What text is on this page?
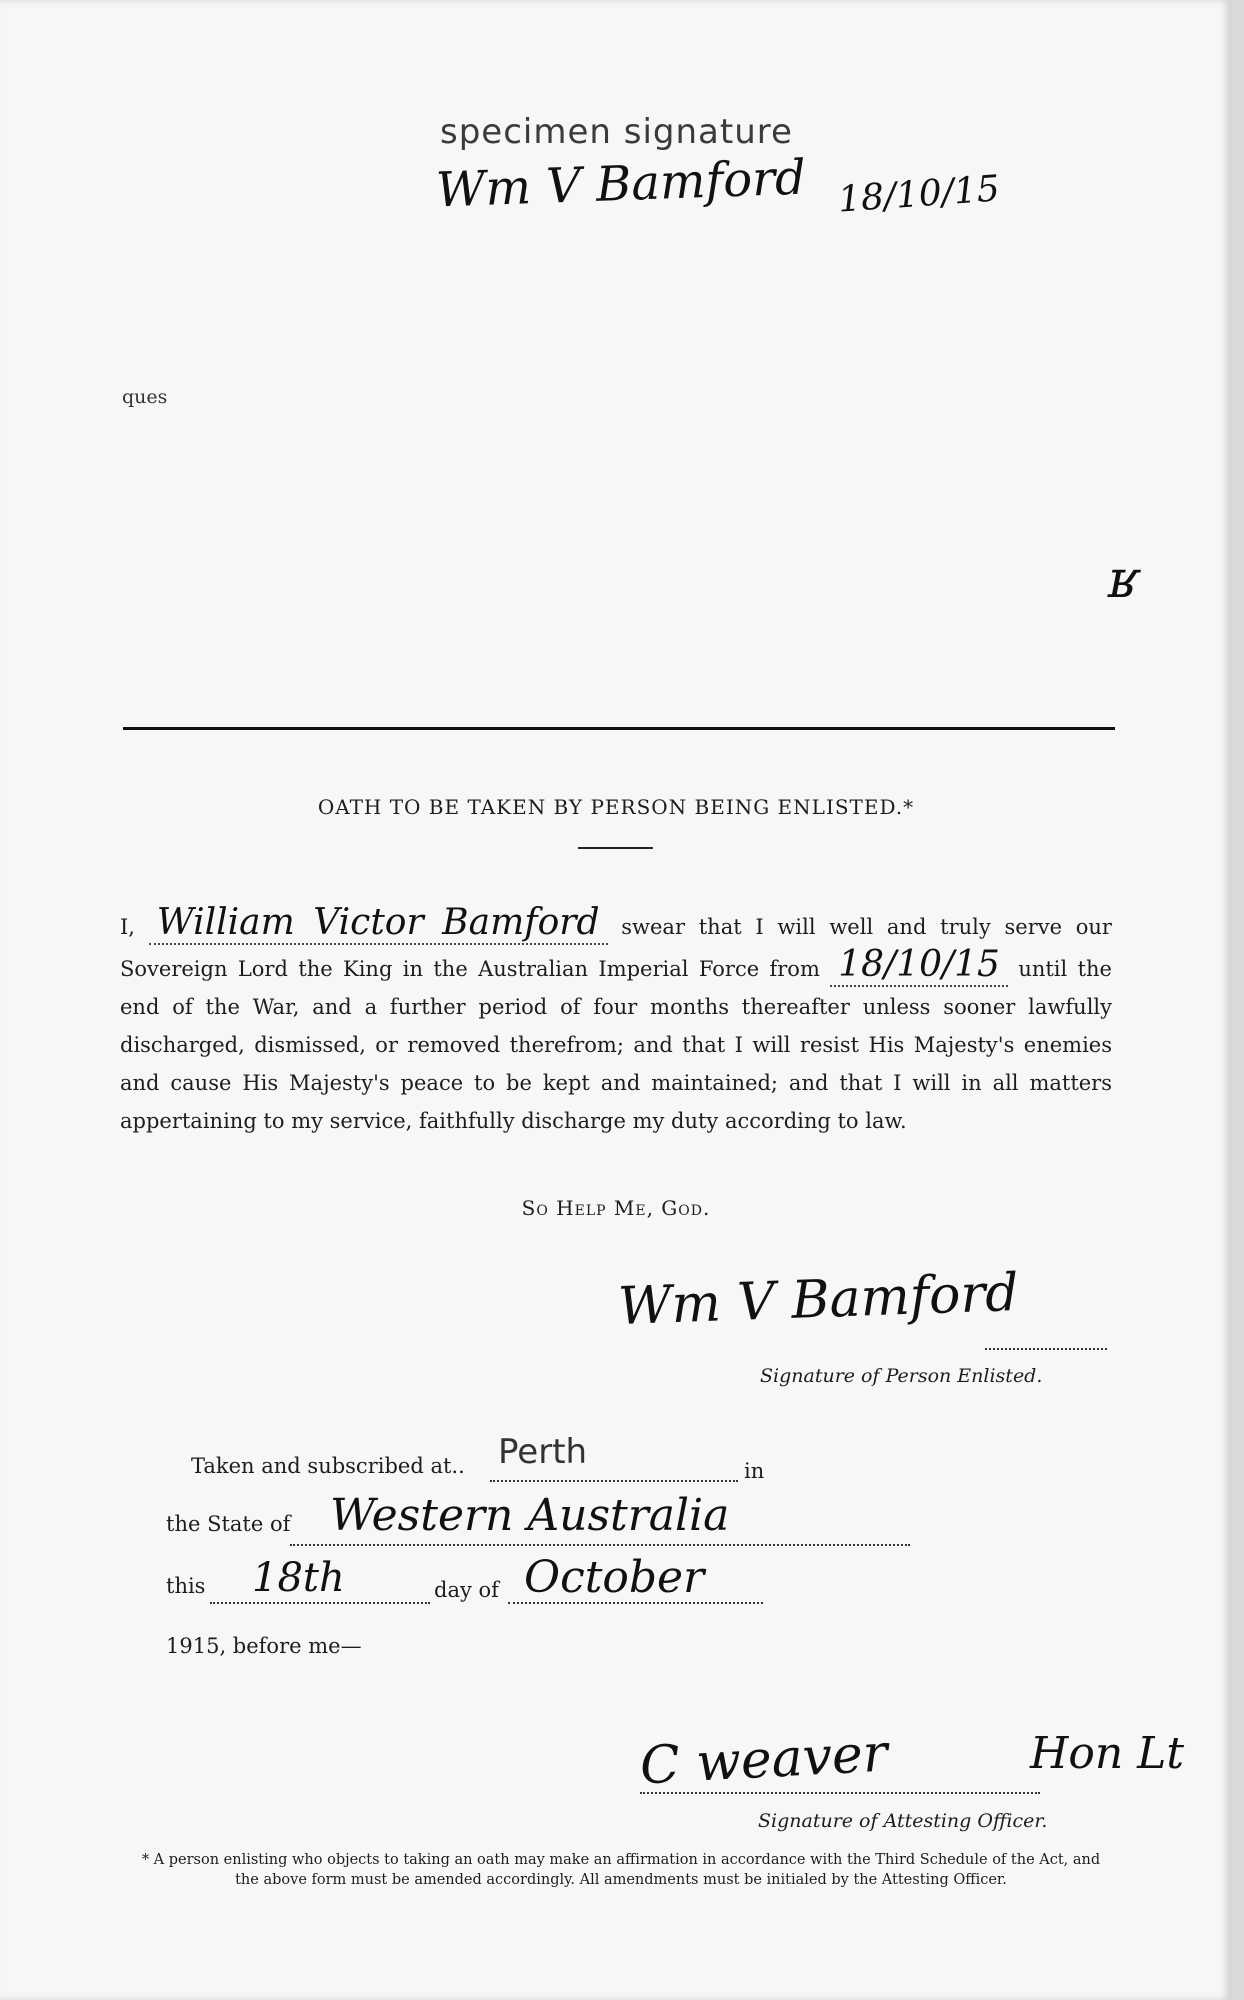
specimen signature
Wm V Bamford 18/10/15
ques
ʁ
OATH TO BE TAKEN BY PERSON BEING ENLISTED.*
I, William Victor Bamford swear that I will well and truly serve our Sovereign Lord the King in the Australian Imperial Force from 18/10/15 until the end of the War, and a further period of four months thereafter unless sooner lawfully discharged, dismissed, or removed therefrom; and that I will resist His Majesty's enemies and cause His Majesty's peace to be kept and maintained; and that I will in all matters appertaining to my service, faithfully discharge my duty according to law.
So Help Me, God.
Wm V Bamford
Signature of Person Enlisted.
Taken and subscribed at.. Perth	in
the State of Western Australia
this 18th	day of October
1915, before me—
C weaver	Hon Lt
Signature of Attesting Officer.
* A person enlisting who objects to taking an oath may make an affirmation in accordance with the Third Schedule of the Act, and the above form must be amended accordingly. All amendments must be initialed by the Attesting Officer.
